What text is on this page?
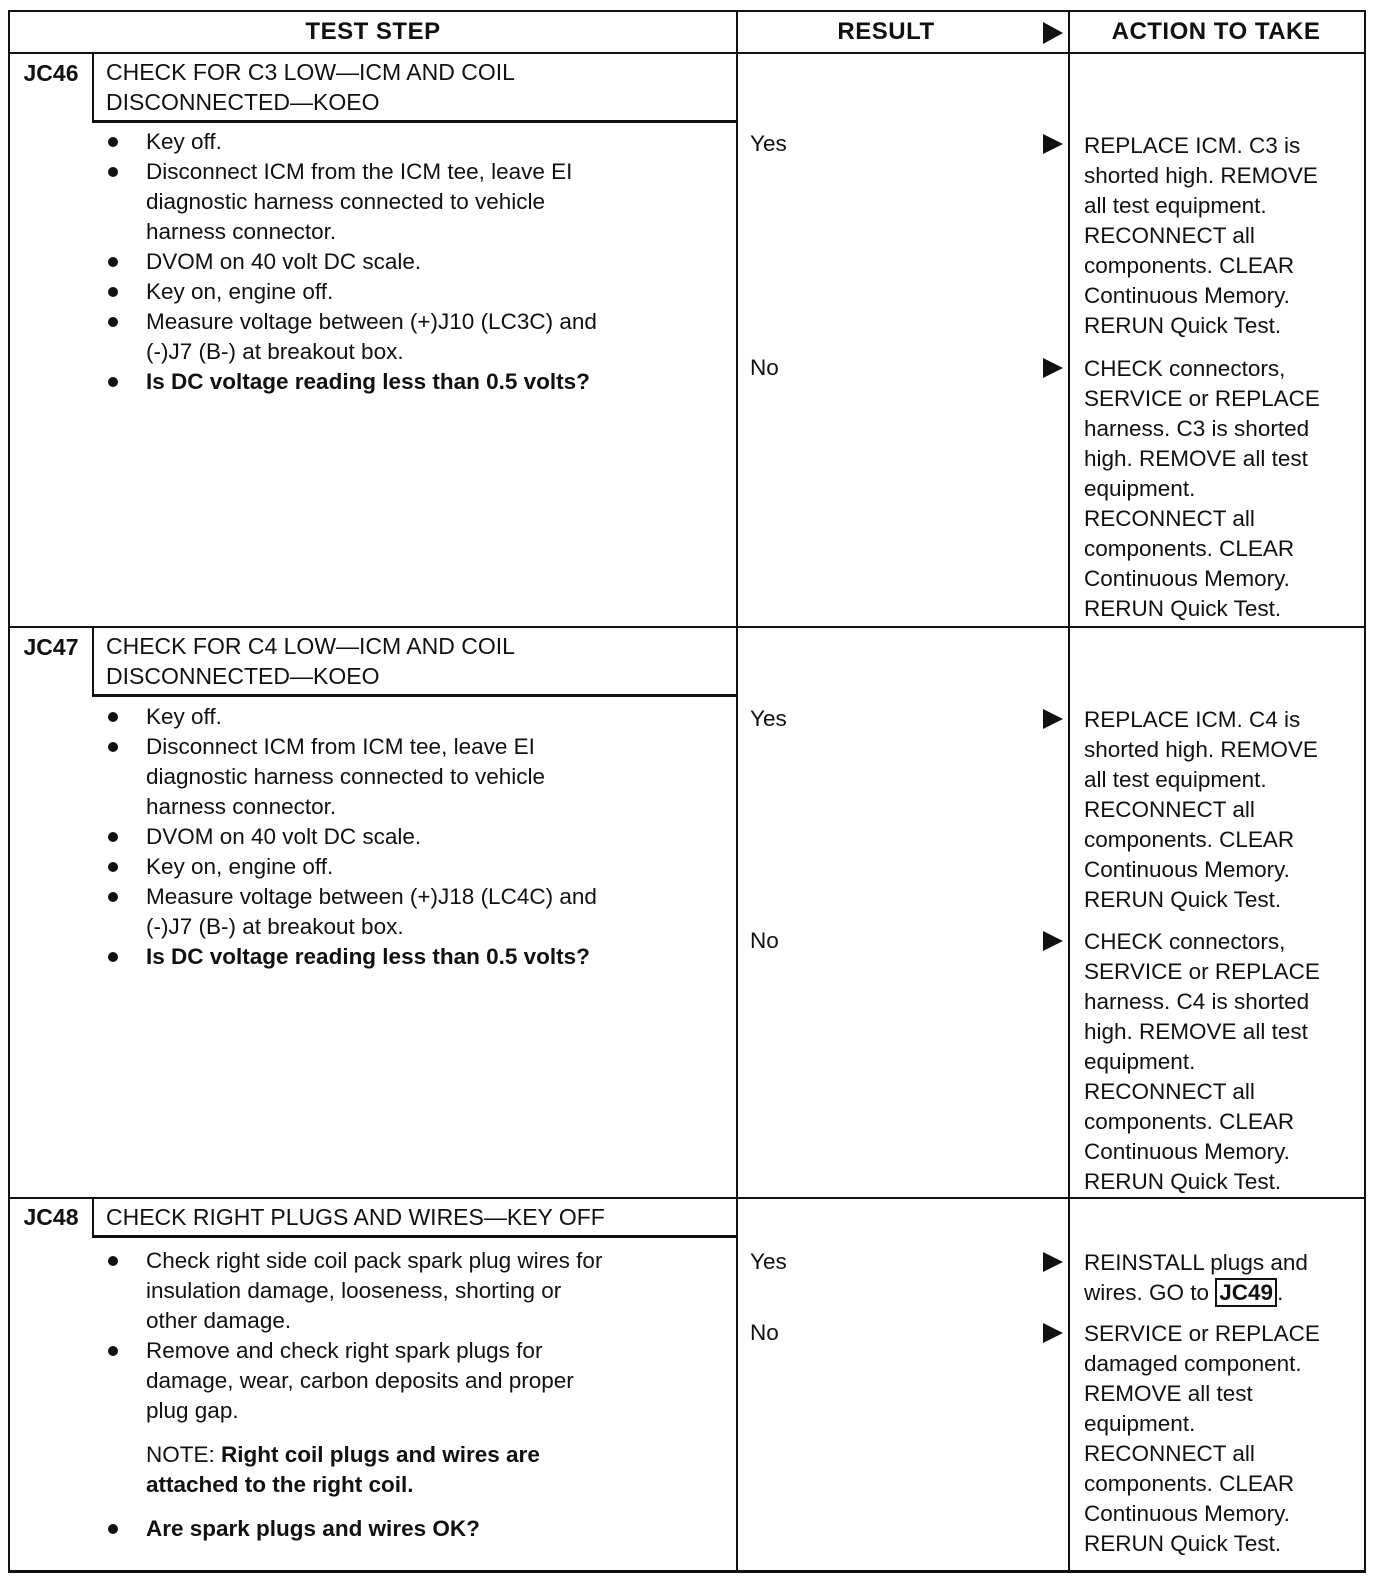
TEST STEP	RESULT	ACTION TO TAKE
JC46	CHECK FOR C3 LOW—ICM AND COIL
DISCONNECTED—KOEO
Key off.
Disconnect ICM from the ICM tee, leave EI
diagnostic harness connected to vehicle
harness connector.
DVOM on 40 volt DC scale.
Key on, engine off.
Measure voltage between (+)J10 (LC3C) and
(-)J7 (B-) at breakout box.
Is DC voltage reading less than 0.5 volts?
Yes	REPLACE ICM. C3 is
shorted high. REMOVE
all test equipment.
RECONNECT all
components. CLEAR
Continuous Memory.
RERUN Quick Test.
No	CHECK connectors,
SERVICE or REPLACE
harness. C3 is shorted
high. REMOVE all test
equipment.
RECONNECT all
components. CLEAR
Continuous Memory.
RERUN Quick Test.
JC47	CHECK FOR C4 LOW—ICM AND COIL
DISCONNECTED—KOEO
Key off.
Disconnect ICM from ICM tee, leave EI
diagnostic harness connected to vehicle
harness connector.
DVOM on 40 volt DC scale.
Key on, engine off.
Measure voltage between (+)J18 (LC4C) and
(-)J7 (B-) at breakout box.
Is DC voltage reading less than 0.5 volts?
Yes	REPLACE ICM. C4 is
shorted high. REMOVE
all test equipment.
RECONNECT all
components. CLEAR
Continuous Memory.
RERUN Quick Test.
No	CHECK connectors,
SERVICE or REPLACE
harness. C4 is shorted
high. REMOVE all test
equipment.
RECONNECT all
components. CLEAR
Continuous Memory.
RERUN Quick Test.
JC48	CHECK RIGHT PLUGS AND WIRES—KEY OFF
Check right side coil pack spark plug wires for
insulation damage, looseness, shorting or
other damage.
Remove and check right spark plugs for
damage, wear, carbon deposits and proper
plug gap.
NOTE: Right coil plugs and wires are
attached to the right coil.
Are spark plugs and wires OK?
Yes	REINSTALL plugs and
wires. GO to JC49 .
No	SERVICE or REPLACE
damaged component.
REMOVE all test
equipment.
RECONNECT all
components. CLEAR
Continuous Memory.
RERUN Quick Test.
